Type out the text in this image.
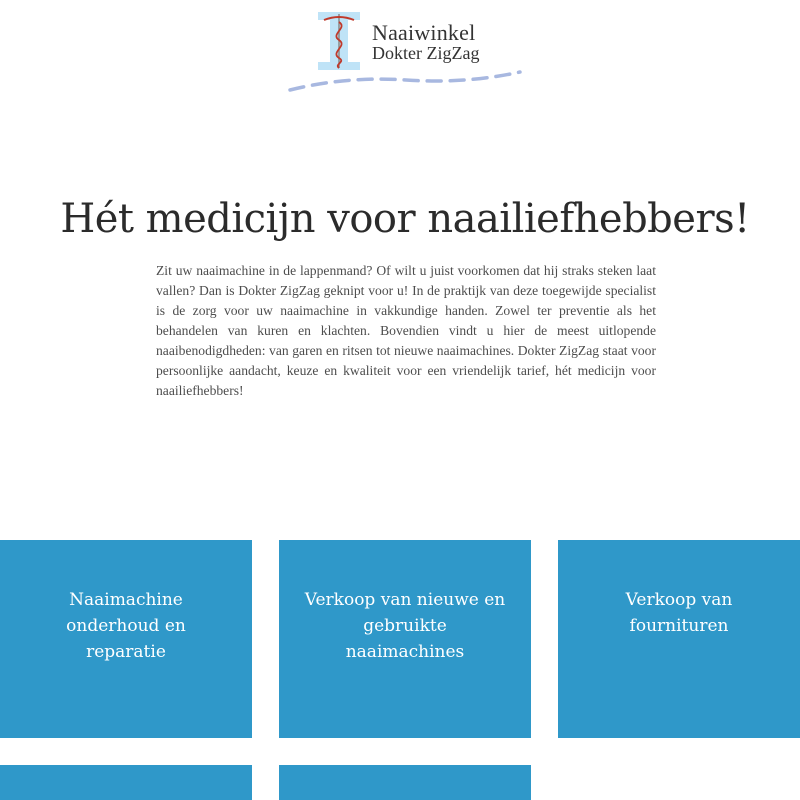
Naaiwinkel
Dokter ZigZag
Hét medicijn voor naailiefhebbers!

Zit uw naaimachine in de lappenmand? Of wilt u juist voorkomen dat hij straks steken laat vallen? Dan is Dokter ZigZag geknipt voor u! In de praktijk van deze toegewijde specialist is de zorg voor uw naaimachine in vakkundige handen. Zowel ter preventie als het behandelen van kuren en klachten. Bovendien vindt u hier de meest uitlopende naaibenodigdheden: van garen en ritsen tot nieuwe naaimachines. Dokter ZigZag staat voor persoonlijke aandacht, keuze en kwaliteit voor een vriendelijk tarief, hét medicijn voor naailiefhebbers!

Naaimachine onderhoud en reparatie
Verkoop van nieuwe en gebruikte naaimachines
Verkoop van fournituren
